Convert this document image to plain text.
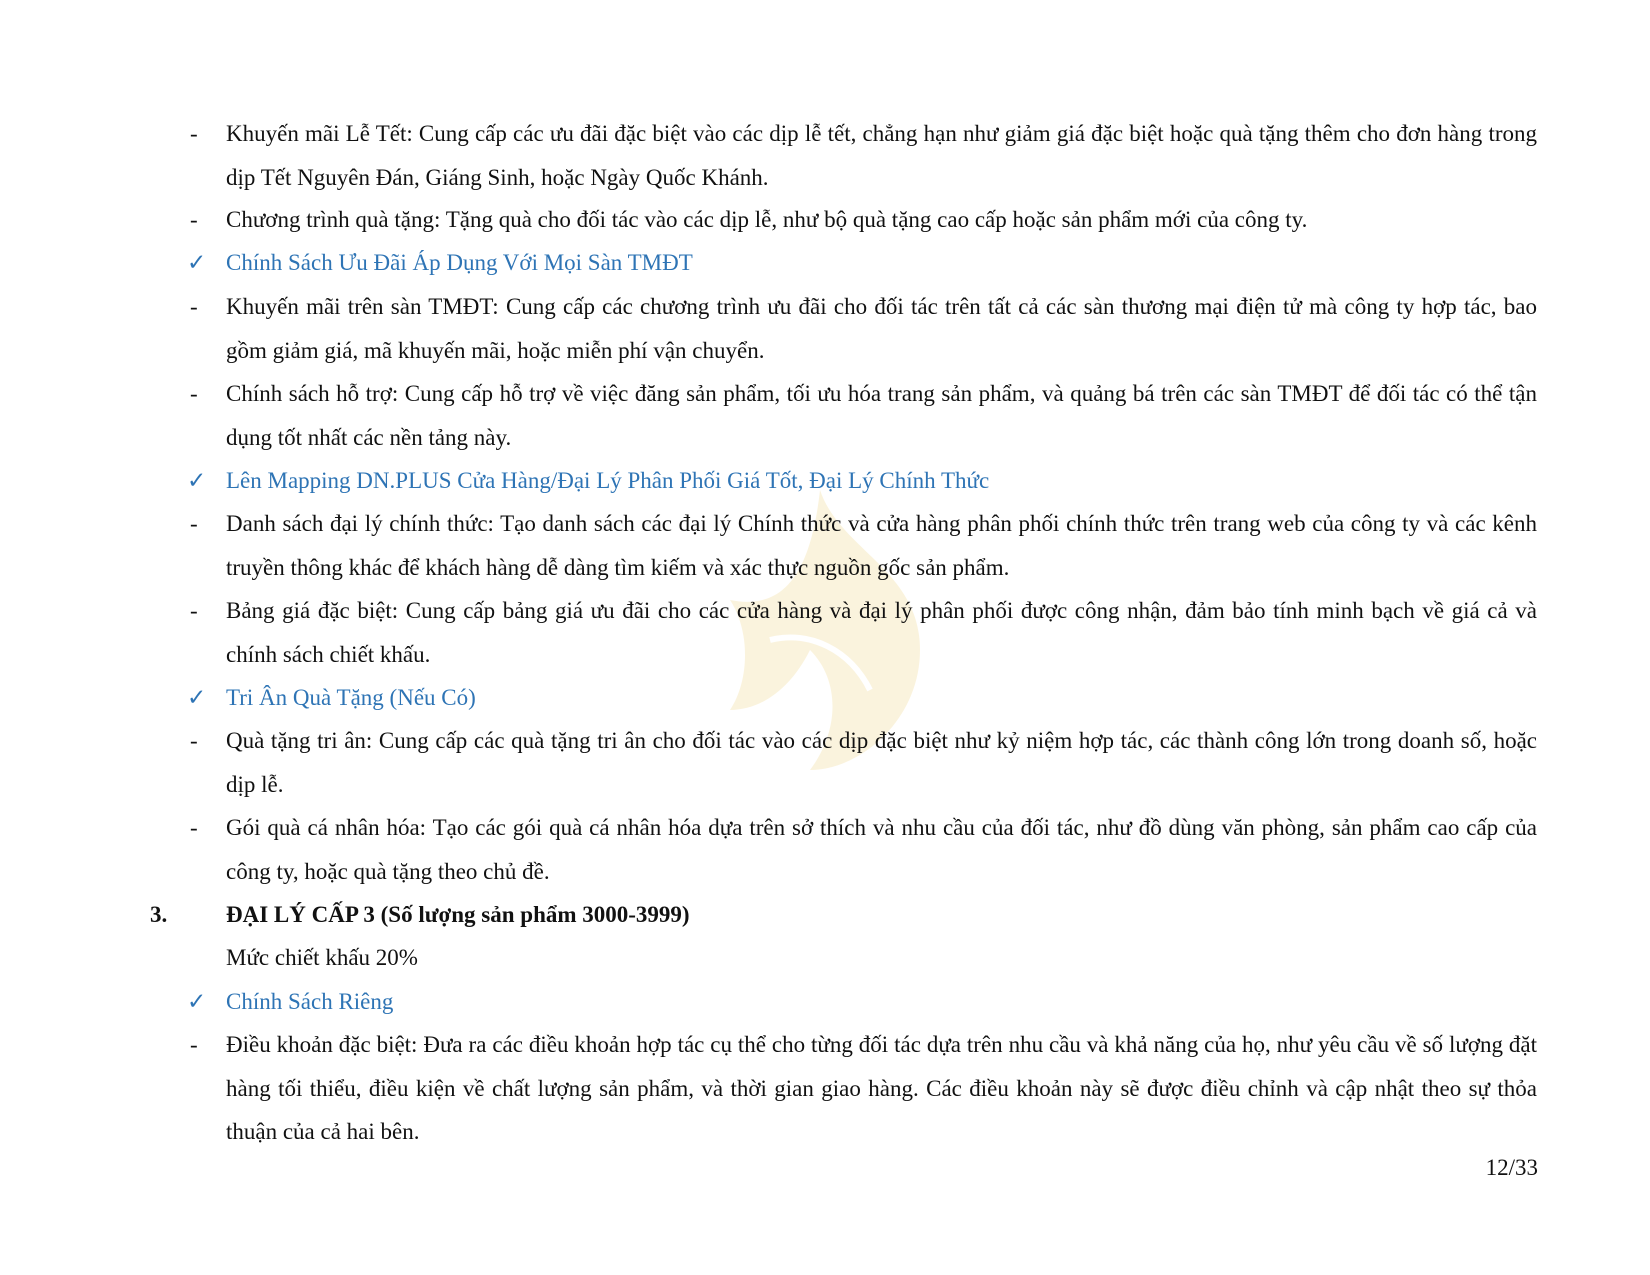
-	Khuyến mãi Lễ Tết: Cung cấp các ưu đãi đặc biệt vào các dịp lễ tết, chẳng hạn như giảm giá đặc biệt hoặc quà tặng thêm cho đơn hàng trong dịp Tết Nguyên Đán, Giáng Sinh, hoặc Ngày Quốc Khánh.
-	Chương trình quà tặng: Tặng quà cho đối tác vào các dịp lễ, như bộ quà tặng cao cấp hoặc sản phẩm mới của công ty.
✓ Chính Sách Ưu Đãi Áp Dụng Với Mọi Sàn TMĐT
-	Khuyến mãi trên sàn TMĐT: Cung cấp các chương trình ưu đãi cho đối tác trên tất cả các sàn thương mại điện tử mà công ty hợp tác, bao gồm giảm giá, mã khuyến mãi, hoặc miễn phí vận chuyển.
-	Chính sách hỗ trợ: Cung cấp hỗ trợ về việc đăng sản phẩm, tối ưu hóa trang sản phẩm, và quảng bá trên các sàn TMĐT để đối tác có thể tận dụng tốt nhất các nền tảng này.
✓ Lên Mapping DN.PLUS Cửa Hàng/Đại Lý Phân Phối Giá Tốt, Đại Lý Chính Thức
-	Danh sách đại lý chính thức: Tạo danh sách các đại lý Chính thức và cửa hàng phân phối chính thức trên trang web của công ty và các kênh truyền thông khác để khách hàng dễ dàng tìm kiếm và xác thực nguồn gốc sản phẩm.
-	Bảng giá đặc biệt: Cung cấp bảng giá ưu đãi cho các cửa hàng và đại lý phân phối được công nhận, đảm bảo tính minh bạch về giá cả và chính sách chiết khấu.
✓ Tri Ân Quà Tặng (Nếu Có)
-	Quà tặng tri ân: Cung cấp các quà tặng tri ân cho đối tác vào các dịp đặc biệt như kỷ niệm hợp tác, các thành công lớn trong doanh số, hoặc dịp lễ.
-	Gói quà cá nhân hóa: Tạo các gói quà cá nhân hóa dựa trên sở thích và nhu cầu của đối tác, như đồ dùng văn phòng, sản phẩm cao cấp của công ty, hoặc quà tặng theo chủ đề.
3.	ĐẠI LÝ CẤP 3 (Số lượng sản phẩm 3000-3999)
Mức chiết khấu 20%
✓ Chính Sách Riêng
-	Điều khoản đặc biệt: Đưa ra các điều khoản hợp tác cụ thể cho từng đối tác dựa trên nhu cầu và khả năng của họ, như yêu cầu về số lượng đặt hàng tối thiểu, điều kiện về chất lượng sản phẩm, và thời gian giao hàng. Các điều khoản này sẽ được điều chỉnh và cập nhật theo sự thỏa thuận của cả hai bên.
12/33
